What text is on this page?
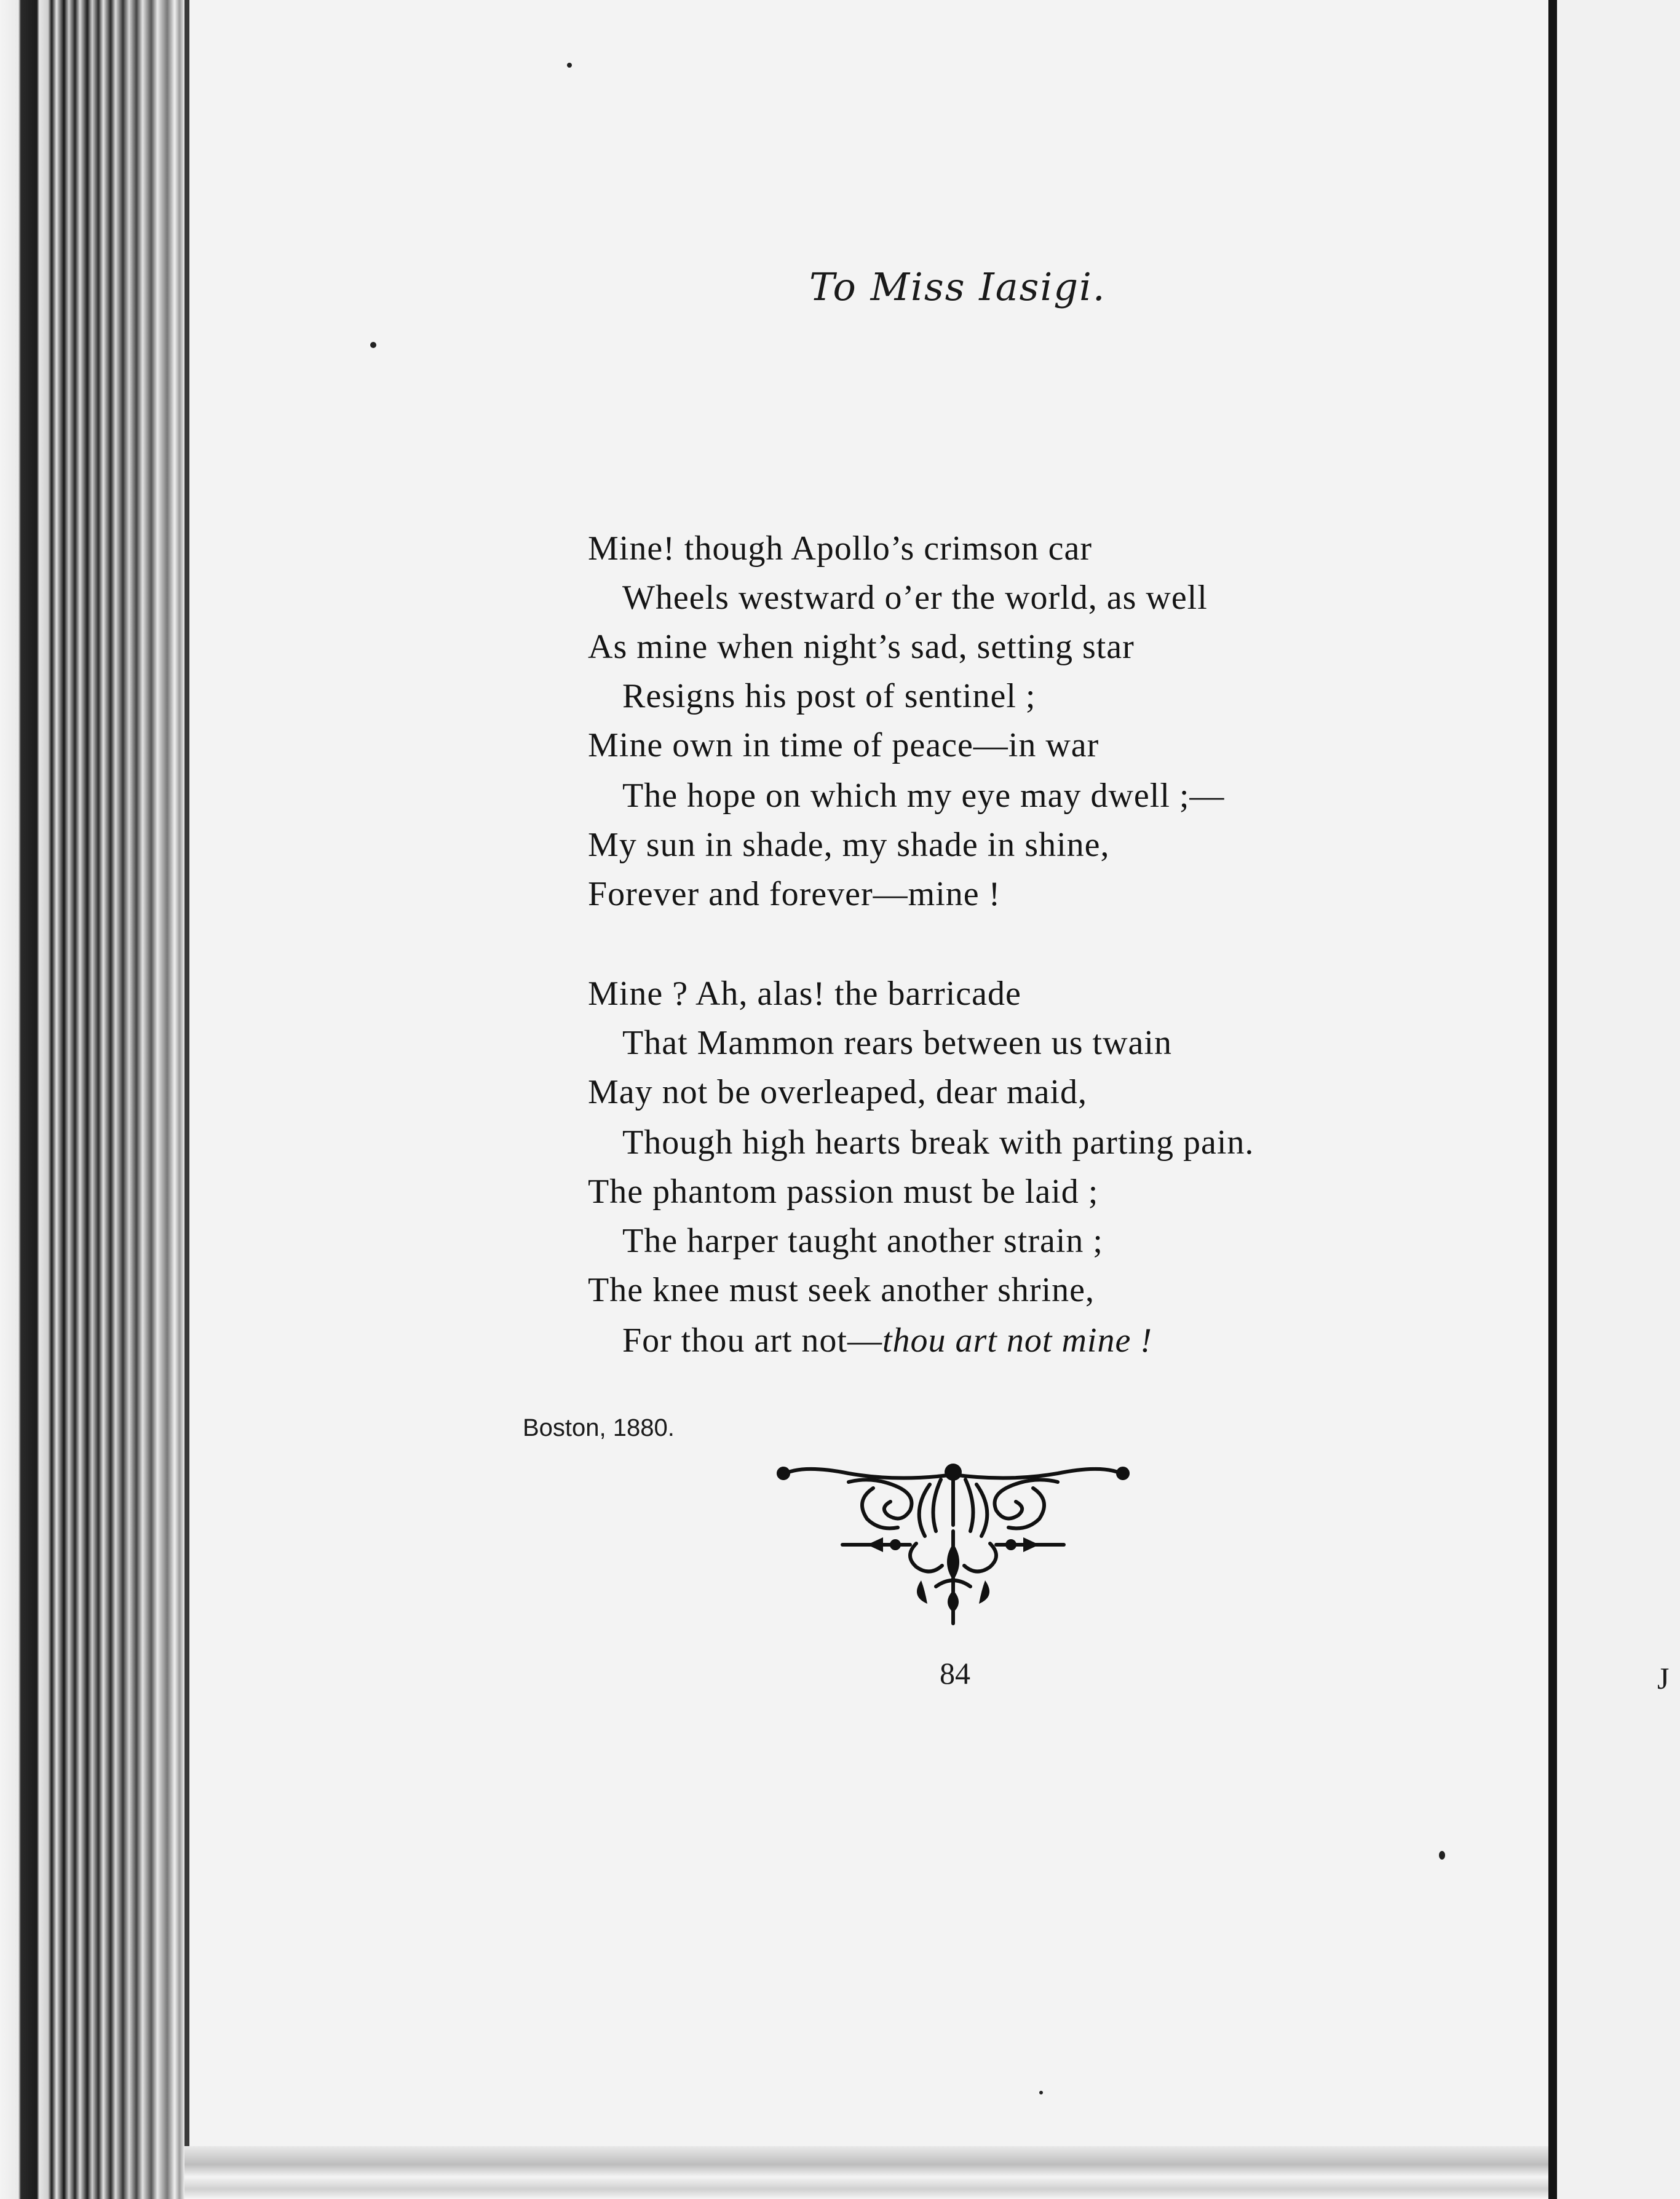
To Miss Iasigi.
Mine! though Apollo’s crimson car
Wheels westward o’er the world, as well
As mine when night’s sad, setting star
Resigns his post of sentinel ;
Mine own in time of peace—in war
The hope on which my eye may dwell ;—
My sun in shade, my shade in shine,
Forever and forever—mine !
Mine ? Ah, alas! the barricade
That Mammon rears between us twain
May not be overleaped, dear maid,
Though high hearts break with parting pain.
The phantom passion must be laid ;
The harper taught another strain ;
The knee must seek another shrine,
For thou art not—thou art not mine !
Boston, 1880.
84	J
